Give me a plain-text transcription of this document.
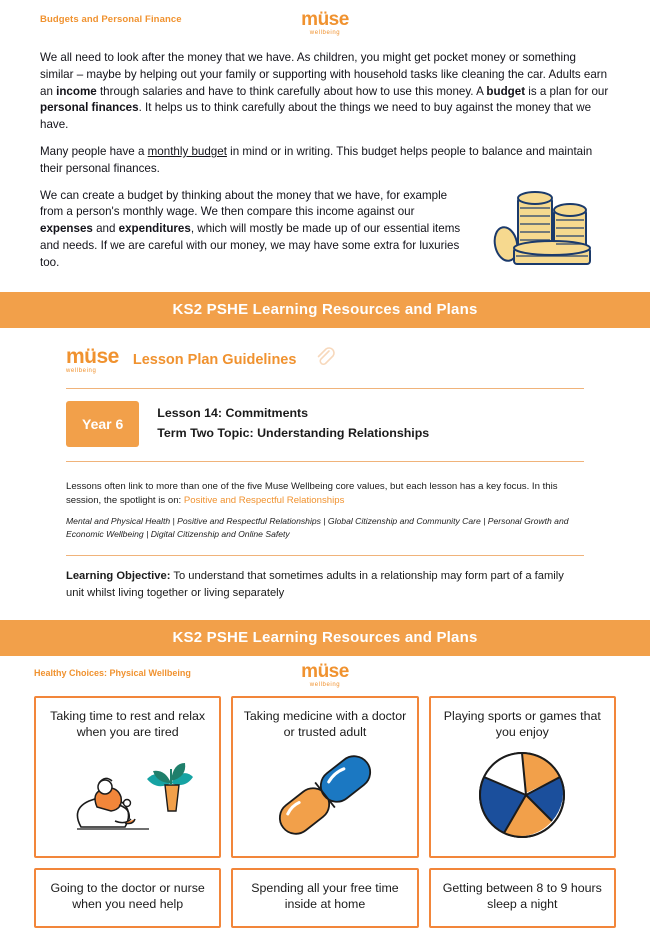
Budgets and Personal Finance	müse
wellbeing

We all need to look after the money that we have. As children, you might get pocket money or something similar – maybe by helping out your family or supporting with household tasks like cleaning the car. Adults earn an income through salaries and have to think carefully about how to use this money. A budget is a plan for our personal finances. It helps us to think carefully about the things we need to buy against the money that we have.

Many people have a monthly budget in mind or in writing. This budget helps people to balance and maintain their personal finances.

We can create a budget by thinking about the money that we have, for example from a person's monthly wage. We then compare this income against our expenses and expenditures, which will mostly be made up of our essential items and needs. If we are careful with our money, we may have some extra for luxuries too.

KS2 PSHE Learning Resources and Plans
müse
wellbeing
Lesson Plan Guidelines
Year 6
Lesson 14: Commitments
Term Two Topic: Understanding Relationships
Lessons often link to more than one of the five Muse Wellbeing core values, but each lesson has a key focus. In this session, the spotlight is on: Positive and Respectful Relationships
Mental and Physical Health | Positive and Respectful Relationships | Global Citizenship and Community Care | Personal Growth and Economic Wellbeing | Digital Citizenship and Online Safety
Learning Objective: To understand that sometimes adults in a relationship may form part of a family unit whilst living together or living separately
KS2 PSHE Learning Resources and Plans
Healthy Choices: Physical Wellbeing	müse
wellbeing
Taking time to rest and relax when you are tired
Taking medicine with a doctor or trusted adult
Playing sports or games that you enjoy
Going to the doctor or nurse when you need help
Spending all your free time inside at home
Getting between 8 to 9 hours sleep a night
